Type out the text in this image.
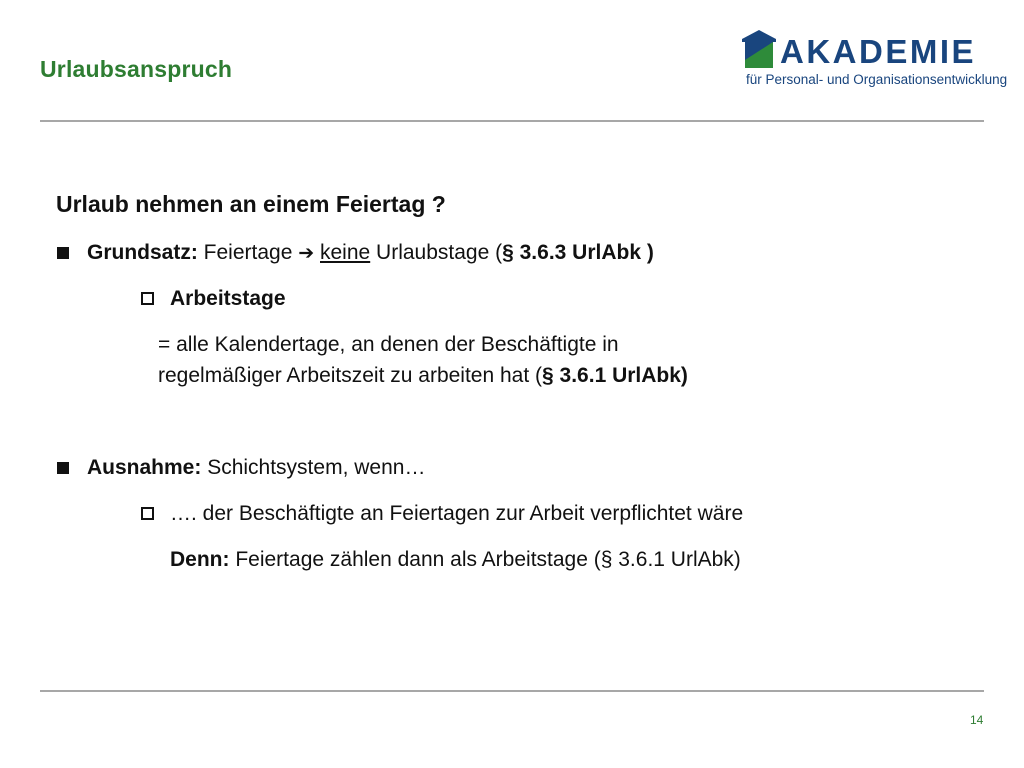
Urlaubsanspruch	AKADEMIE
für Personal- und Organisationsentwicklung
Urlaub nehmen an einem Feiertag ?
Grundsatz: Feiertage ➔ keine Urlaubstage (§ 3.6.3 UrlAbk )
Arbeitstage
= alle Kalendertage, an denen der Beschäftigte in
regelmäßiger Arbeitszeit zu arbeiten hat (§ 3.6.1 UrlAbk)
Ausnahme: Schichtsystem, wenn…
…. der Beschäftigte an Feiertagen zur Arbeit verpflichtet wäre
Denn: Feiertage zählen dann als Arbeitstage (§ 3.6.1 UrlAbk)
14
